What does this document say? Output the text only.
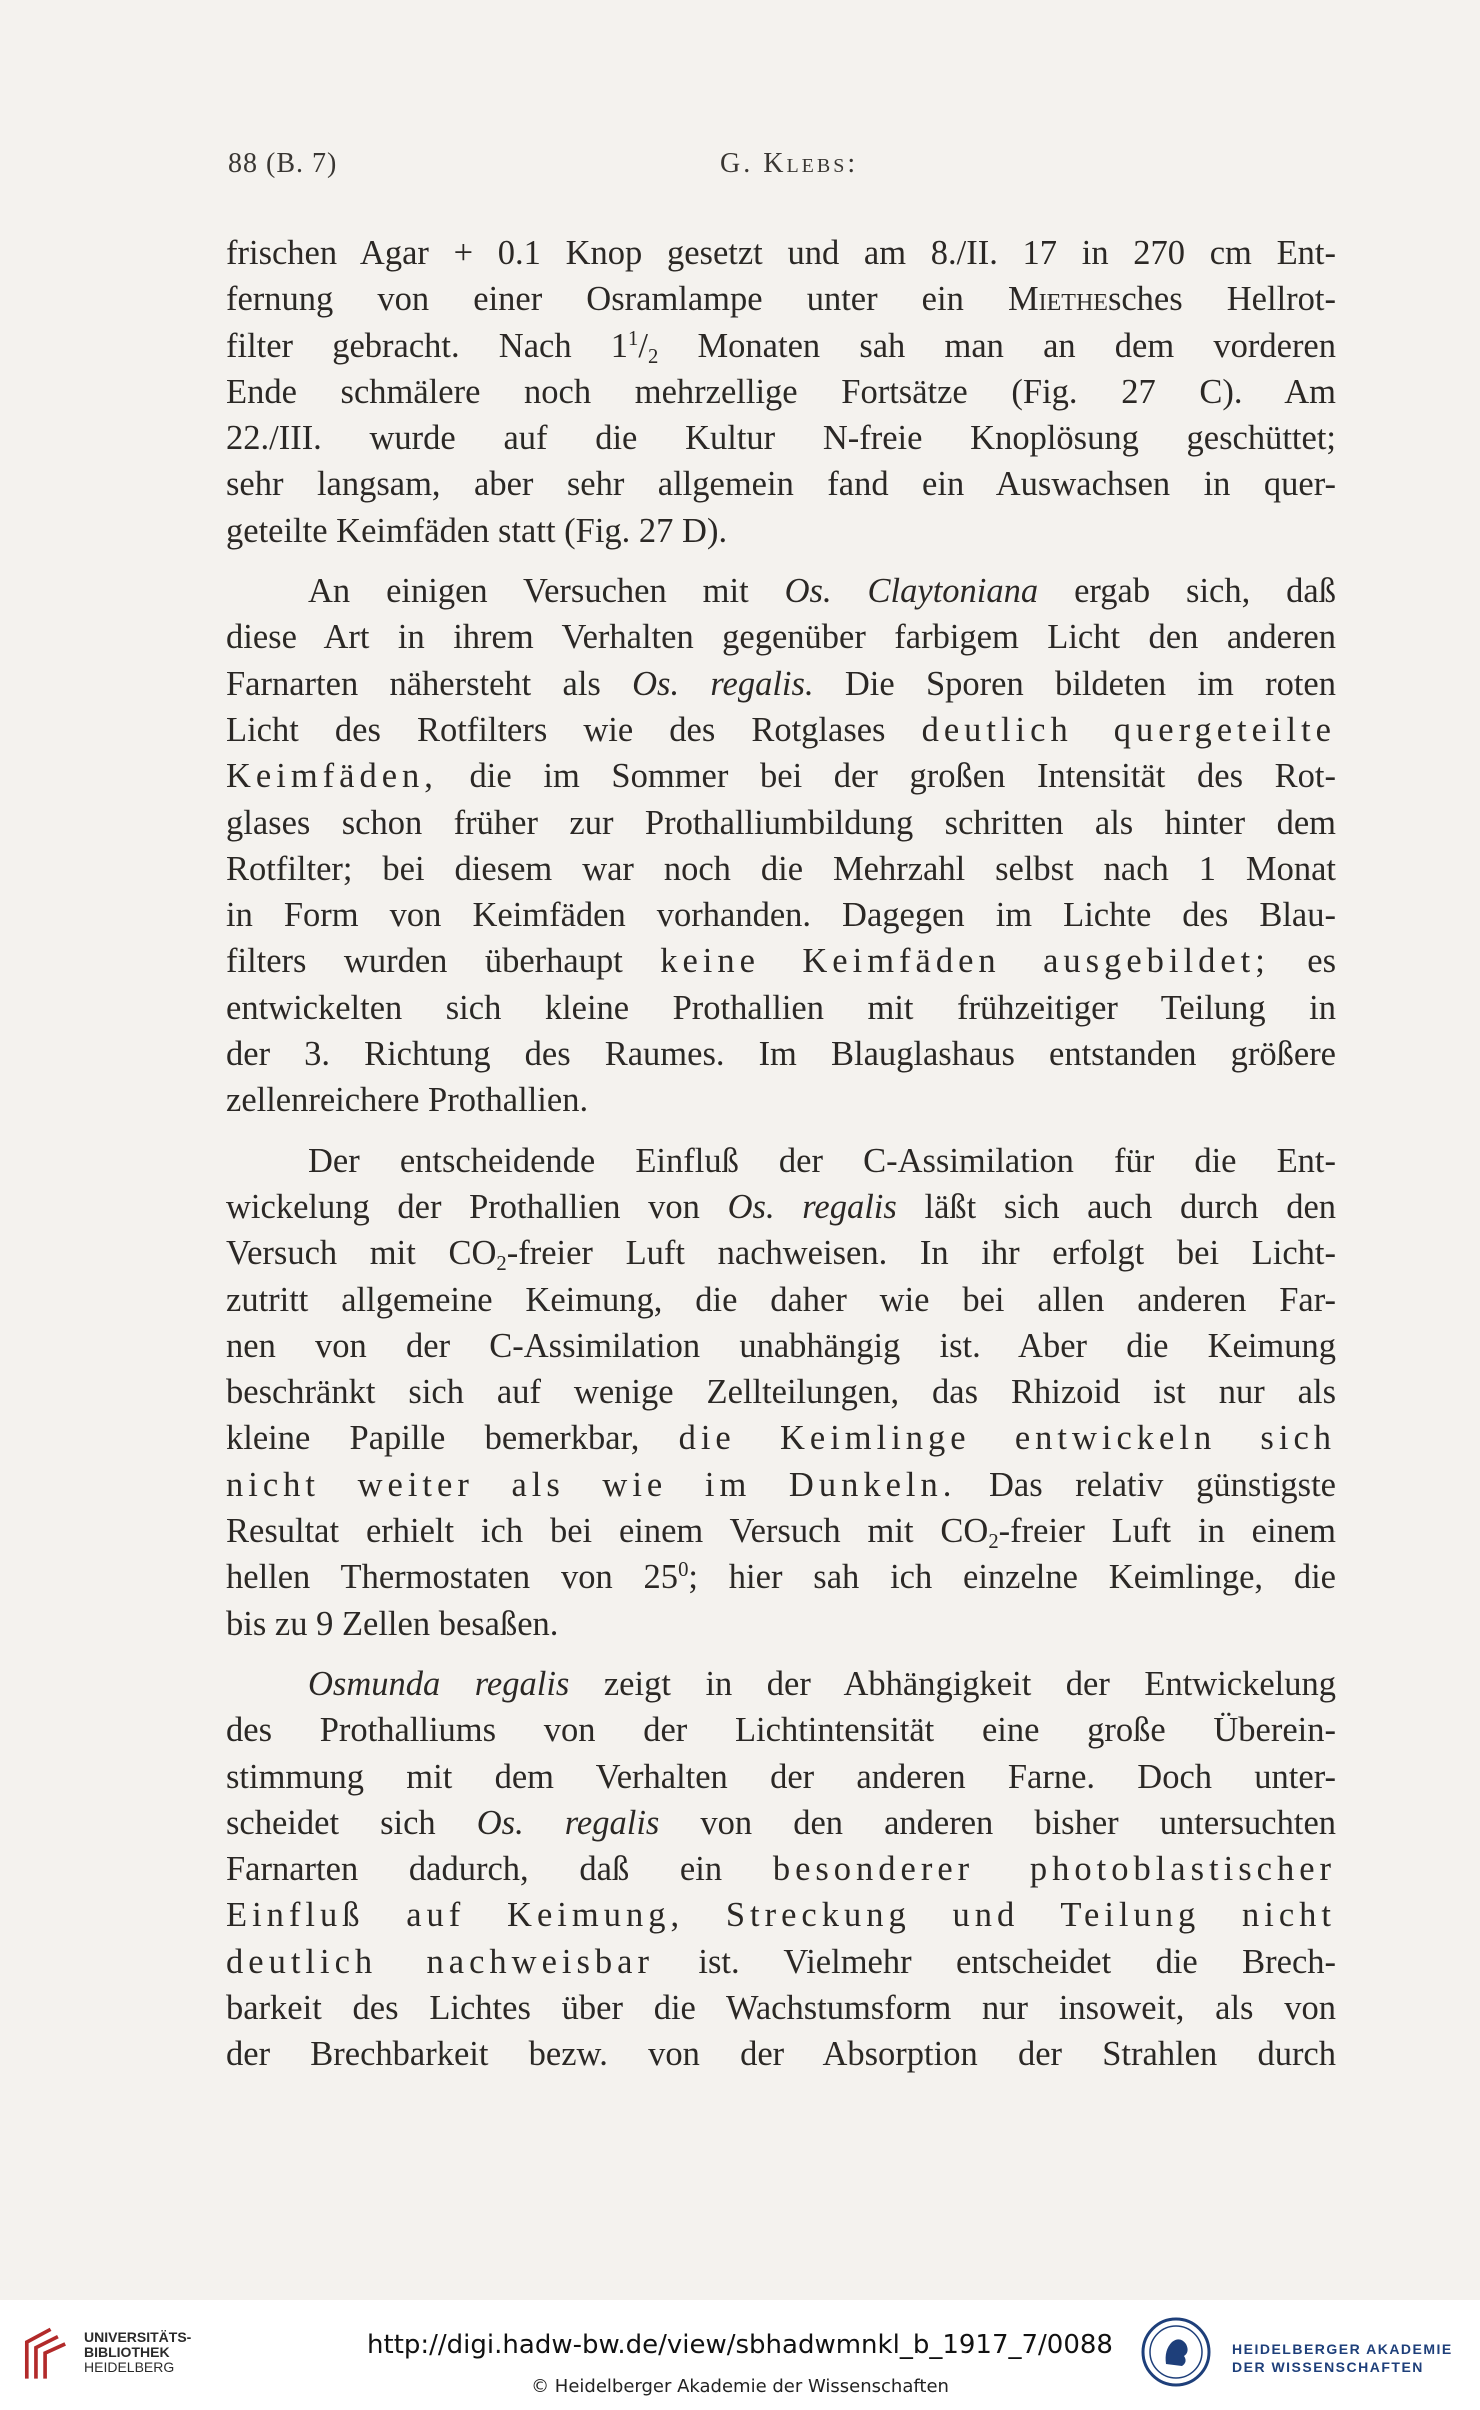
88 (B. 7)	G. Klebs:
frischen Agar + 0.1 Knop gesetzt und am 8./II. 17 in 270 cm Ent-
fernung von einer Osramlampe unter ein Miethesches Hellrot-
filter gebracht. Nach $1^1/_2$ Monaten sah man an dem vorderen
Ende schmälere noch mehrzellige Fortsätze (Fig. 27 C). Am
22./III. wurde auf die Kultur N-freie Knoplösung geschüttet;
sehr langsam, aber sehr allgemein fand ein Auswachsen in quer-
geteilte Keimfäden statt (Fig. 27 D).
An einigen Versuchen mit Os. Claytoniana ergab sich, daß
diese Art in ihrem Verhalten gegenüber farbigem Licht den anderen
Farnarten nähersteht als Os. regalis. Die Sporen bildeten im roten
Licht des Rotfilters wie des Rotglases deutlich quergeteilte
Keimfäden, die im Sommer bei der großen Intensität des Rot-
glases schon früher zur Prothalliumbildung schritten als hinter dem
Rotfilter; bei diesem war noch die Mehrzahl selbst nach 1 Monat
in Form von Keimfäden vorhanden. Dagegen im Lichte des Blau-
filters wurden überhaupt keine Keimfäden ausgebildet; es
entwickelten sich kleine Prothallien mit frühzeitiger Teilung in
der 3. Richtung des Raumes. Im Blauglashaus entstanden größere
zellenreichere Prothallien.
Der entscheidende Einfluß der C-Assimilation für die Ent-
wickelung der Prothallien von Os. regalis läßt sich auch durch den
Versuch mit $CO_2$-freier Luft nachweisen. In ihr erfolgt bei Licht-
zutritt allgemeine Keimung, die daher wie bei allen anderen Far-
nen von der C-Assimilation unabhängig ist. Aber die Keimung
beschränkt sich auf wenige Zellteilungen, das Rhizoid ist nur als
kleine Papille bemerkbar, die Keimlinge entwickeln sich
nicht weiter als wie im Dunkeln. Das relativ günstigste
Resultat erhielt ich bei einem Versuch mit $CO_2$-freier Luft in einem
hellen Thermostaten von $25^0$; hier sah ich einzelne Keimlinge, die
bis zu 9 Zellen besaßen.
Osmunda regalis zeigt in der Abhängigkeit der Entwickelung
des Prothalliums von der Lichtintensität eine große Überein-
stimmung mit dem Verhalten der anderen Farne. Doch unter-
scheidet sich Os. regalis von den anderen bisher untersuchten
Farnarten dadurch, daß ein besonderer photoblastischer
Einfluß auf Keimung, Streckung und Teilung nicht
deutlich nachweisbar ist. Vielmehr entscheidet die Brech-
barkeit des Lichtes über die Wachstumsform nur insoweit, als von
der Brechbarkeit bezw. von der Absorption der Strahlen durch
UNIVERSITÄTS-
BIBLIOTHEK
HEIDELBERG
http://digi.hadw-bw.de/view/sbhadwmnkl_b_1917_7/0088
© Heidelberger Akademie der Wissenschaften
HEIDELBERGER AKADEMIE
DER WISSENSCHAFTEN
